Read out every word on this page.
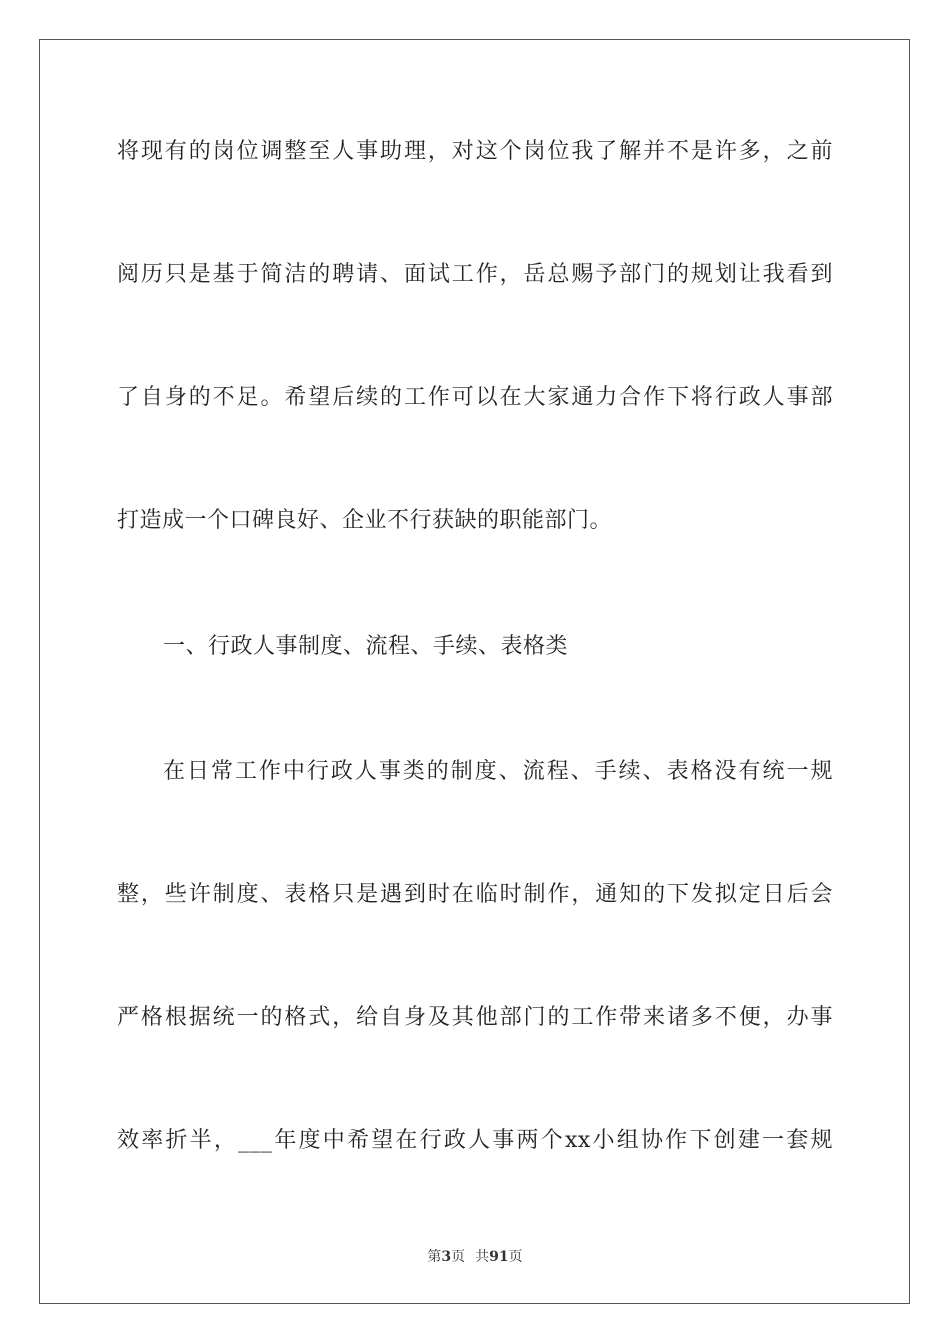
将现有的岗位调整至人事助理，对这个岗位我了解并不是许多，之前
阅历只是基于简洁的聘请、面试工作，岳总赐予部门的规划让我看到
了自身的不足。希望后续的工作可以在大家通力合作下将行政人事部
打造成一个口碑良好、企业不行获缺的职能部门。
一、行政人事制度、流程、手续、表格类
在日常工作中行政人事类的制度、流程、手续、表格没有统一规
整，些许制度、表格只是遇到时在临时制作，通知的下发拟定日后会
严格根据统一的格式，给自身及其他部门的工作带来诸多不便，办事
效率折半，___年度中希望在行政人事两个xx小组协作下创建一套规
第3页 共91页
